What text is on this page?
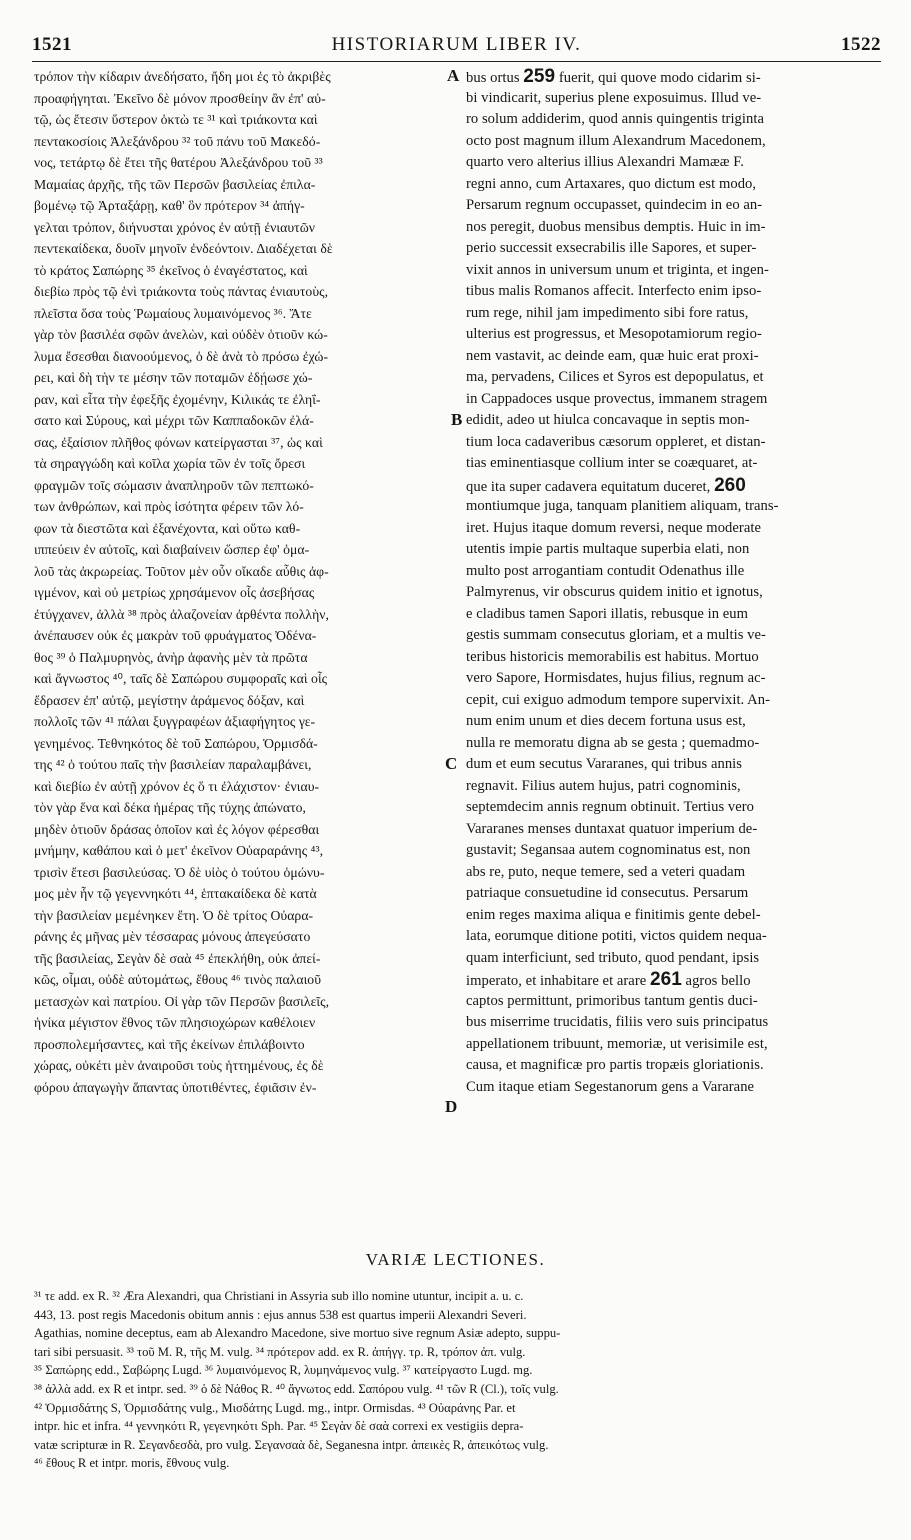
1521	HISTORIARUM LIBER IV.	1522
τρόπον τὴν κίδαριν ἀνεδήσατο, ἤδη μοι ἐς τὸ ἀκριβὲς
προαφήγηται. Ἐκεῖνο δὲ μόνον προσθείην ἂν ἐπ' αὐ-
τῷ, ὡς ἔτεσιν ὕστερον ὀκτὼ τε ³¹ καὶ τριάκοντα καὶ
πεντακοσίοις Ἀλεξάνδρου ³² τοῦ πάνυ τοῦ Μακεδό-
νος, τετάρτῳ δὲ ἔτει τῆς θατέρου Ἀλεξάνδρου τοῦ ³³
Μαμαίας ἀρχῆς, τῆς τῶν Περσῶν βασιλείας ἐπιλα-
βομένῳ τῷ Ἀρταξάρῃ, καθ' ὃν πρότερον ³⁴ ἀπήγ-
γελται τρόπον, διήνυσται χρόνος ἐν αὐτῇ ἐνιαυτῶν
πεντεκαίδεκα, δυοῖν μηνοῖν ἐνδεόντοιν. Διαδέχεται δὲ
τὸ κράτος Σαπώρης ³⁵ ἐκεῖνος ὁ ἐναγέστατος, καὶ
διεβίω πρὸς τῷ ἑνὶ τριάκοντα τοὺς πάντας ἐνιαυτοὺς,
πλεῖστα ὅσα τοὺς Ῥωμαίους λυμαινόμενος ³⁶. Ἅτε
γὰρ τὸν βασιλέα σφῶν ἀνελὼν, καὶ οὐδὲν ὁτιοῦν κώ-
λυμα ἔσεσθαι διανοούμενος, ὁ δὲ ἀνὰ τὸ πρόσω ἐχώ-
ρει, καὶ δὴ τὴν τε μέσην τῶν ποταμῶν ἐδῄωσε χώ-
ραν, καὶ εἶτα τὴν ἐφεξῆς ἐχομένην, Κιλικάς τε ἐληΐ-
σατο καὶ Σύρους, καὶ μέχρι τῶν Καππαδοκῶν ἐλά-
σας, ἐξαίσιον πλῆθος φόνων κατείργασται ³⁷, ὡς καὶ
τὰ σηραγγώδη καὶ κοῖλα χωρία τῶν ἐν τοῖς ὄρεσι
φραγμῶν τοῖς σώμασιν ἀναπληροῦν τῶν πεπτωκό-
των ἀνθρώπων, καὶ πρὸς ἰσότητα φέρειν τῶν λό-
φων τὰ διεστῶτα καὶ ἐξανέχοντα, καὶ οὕτω καθ-
ιππεύειν ἐν αὐτοῖς, καὶ διαβαίνειν ὥσπερ ἐφ' ὁμα-
λοῦ τὰς ἀκρωρείας. Τοῦτον μὲν οὖν οἴκαδε αὖθις ἀφ-
ιγμένον, καὶ οὐ μετρίως χρησάμενον οἷς ἀσεβήσας
ἐτύγχανεν, ἀλλὰ ³⁸ πρὸς ἀλαζονείαν ἀρθέντα πολλὴν,
ἀνέπαυσεν οὐκ ἐς μακρὰν τοῦ φρυάγματος Ὀδένα-
θος ³⁹ ὁ Παλμυρηνὸς, ἀνὴρ ἀφανὴς μὲν τὰ πρῶτα
καὶ ἄγνωστος ⁴⁰, ταῖς δὲ Σαπώρου συμφοραῖς καὶ οἷς
ἔδρασεν ἐπ' αὐτῷ, μεγίστην ἀράμενος δόξαν, καὶ
πολλοῖς τῶν ⁴¹ πάλαι ξυγγραφέων ἀξιαφήγητος γε-
γενημένος. Τεθνηκότος δὲ τοῦ Σαπώρου, Ὁρμισδά-
της ⁴² ὁ τούτου παῖς τὴν βασιλείαν παραλαμβάνει,
καὶ διεβίω ἐν αὐτῇ χρόνον ἐς ὅ τι ἐλάχιστον· ἐνιαυ-
τὸν γὰρ ἕνα καὶ δέκα ἡμέρας τῆς τύχης ἀπώνατο,
μηδὲν ὁτιοῦν δράσας ὁποῖον καὶ ἐς λόγον φέρεσθαι
μνήμην, καθάπου καὶ ὁ μετ' ἐκεῖνον Οὐαραράνης ⁴³,
τρισὶν ἔτεσι βασιλεύσας. Ὁ δὲ υἱὸς ὁ τούτου ὁμώνυ-
μος μὲν ἦν τῷ γεγεννηκότι ⁴⁴, ἑπτακαίδεκα δὲ κατὰ
τὴν βασιλείαν μεμένηκεν ἔτη. Ὁ δὲ τρίτος Οὐαρα-
ράνης ἐς μῆνας μὲν τέσσαρας μόνους ἀπεγεύσατο
τῆς βασιλείας, Σεγὰν δὲ σαὰ ⁴⁵ ἐπεκλήθη, οὐκ ἀπεί-
κῶς, οἶμαι, οὐδὲ αὐτομάτως, ἔθους ⁴⁶ τινὸς παλαιοῦ
μετασχὼν καὶ πατρίου. Οἱ γὰρ τῶν Περσῶν βασιλεῖς,
ἡνίκα μέγιστον ἔθνος τῶν πλησιοχώρων καθέλοιεν
προσπολεμήσαντες, καὶ τῆς ἐκείνων ἐπιλάβοιντο
χώρας, οὐκέτι μὲν ἀναιροῦσι τοὺς ἡττημένους, ἐς δὲ
φόρου ἀπαγωγὴν ἅπαντας ὑποτιθέντες, ἐφιᾶσιν ἐν-
bus ortus 259 fuerit, qui quove modo cidarim si-
bi vindicarit, superius plene exposuimus. Illud ve-
ro solum addiderim, quod annis quingentis triginta
octo post magnum illum Alexandrum Macedonem,
quarto vero alterius illius Alexandri Mamææ F.
regni anno, cum Artaxares, quo dictum est modo,
Persarum regnum occupasset, quindecim in eo an-
nos peregit, duobus mensibus demptis. Huic in im-
perio successit exsecrabilis ille Sapores, et super-
vixit annos in universum unum et triginta, et ingen-
tibus malis Romanos affecit. Interfecto enim ipso-
rum rege, nihil jam impedimento sibi fore ratus,
ulterius est progressus, et Mesopotamiorum regio-
nem vastavit, ac deinde eam, quæ huic erat proxi-
ma, pervadens, Cilices et Syros est depopulatus, et
in Cappadoces usque provectus, immanem stragem
edidit, adeo ut hiulca concavaque in septis mon-
tium loca cadaveribus cæsorum oppleret, et distan-
tias eminentiasque collium inter se coæquaret, at-
que ita super cadavera equitatum duceret, 260
montiumque juga, tanquam planitiem aliquam, trans-
iret. Hujus itaque domum reversi, neque moderate
utentis impie partis multaque superbia elati, non
multo post arrogantiam contudit Odenathus ille
Palmyrenus, vir obscurus quidem initio et ignotus,
e cladibus tamen Sapori illatis, rebusque in eum
gestis summam consecutus gloriam, et a multis ve-
teribus historicis memorabilis est habitus. Mortuo
vero Sapore, Hormisdates, hujus filius, regnum ac-
cepit, cui exiguo admodum tempore supervixit. An-
num enim unum et dies decem fortuna usus est,
nulla re memoratu digna ab se gesta ; quemadmo-
dum et eum secutus Vararanes, qui tribus annis
regnavit. Filius autem hujus, patri cognominis,
septemdecim annis regnum obtinuit. Tertius vero
Vararanes menses duntaxat quatuor imperium de-
gustavit; Segansaa autem cognominatus est, non
abs re, puto, neque temere, sed a veteri quadam
patriaque consuetudine id consecutus. Persarum
enim reges maxima aliqua e finitimis gente debel-
lata, eorumque ditione potiti, victos quidem nequa-
quam interficiunt, sed tributo, quod pendant, ipsis
imperato, et inhabitare et arare 261 agros bello
captos permittunt, primoribus tantum gentis duci-
bus miserrime trucidatis, filiis vero suis principatus
appellationem tribuunt, memoriæ, ut verisimile est,
causa, et magnificæ pro partis tropæis gloriationis.
Cum itaque etiam Segestanorum gens a Vararane
A
B
C
D
VARIÆ LECTIONES.
³¹ τε add. ex R. ³² Æra Alexandri, qua Christiani in Assyria sub illo nomine utuntur, incipit a. u. c.
443, 13. post regis Macedonis obitum annis : ejus annus 538 est quartus imperii Alexandri Severi.
Agathias, nomine deceptus, eam ab Alexandro Macedone, sive mortuo sive regnum Asiæ adepto, suppu-
tari sibi persuasit. ³³ τοῦ M. R, τῆς M. vulg. ³⁴ πρότερον add. ex R. ἀπήγγ. τρ. R, τρόπον ἀπ. vulg.
³⁵ Σαπώρης edd., Σαβώρης Lugd. ³⁶ λυμαινόμενος R, λυμηνάμενος vulg. ³⁷ κατείργαστο Lugd. mg.
³⁸ ἀλλὰ add. ex R et intpr. sed. ³⁹ ὁ δὲ Νάθος R. ⁴⁰ ἄγνωτος edd. Σαπόρου vulg. ⁴¹ τῶν R (Cl.), τοῖς vulg.
⁴² Ὁρμισδάτης S, Ὀρμισδάτης vulg., Μισδάτης Lugd. mg., intpr. Ormisdas. ⁴³ Οὐαράνης Par. et
intpr. hic et infra. ⁴⁴ γεννηκότι R, γεγενηκότι Sph. Par. ⁴⁵ Σεγὰν δὲ σαὰ correxi ex vestigiis depra-
vatæ scripturæ in R. Σεγανδεσδὰ, pro vulg. Σεγανσαὰ δὲ, Seganesna intpr. ἀπεικὲς R, ἀπεικότως vulg.
⁴⁶ ἔθους R et intpr. moris, ἔθνους vulg.
